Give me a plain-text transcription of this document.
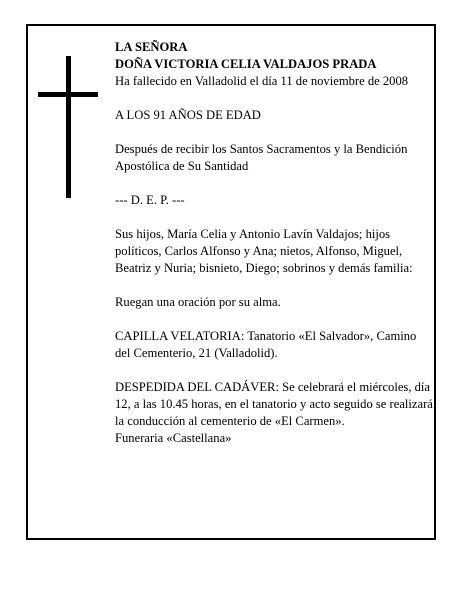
LA SEÑORA

DOÑA VICTORIA CELIA VALDAJOS PRADA

Ha fallecido en Valladolid el día 11 de noviembre de 2008

A LOS 91 AÑOS DE EDAD

Después de recibir los Santos Sacramentos y la Bendición Apostólica de Su Santidad

--- D. E. P. ---

Sus hijos, María Celia y Antonio Lavín Valdajos; hijos políticos, Carlos Alfonso y Ana; nietos, Alfonso, Miguel, Beatriz y Nuria; bisnieto, Diego; sobrinos y demás familia:

Ruegan una oración por su alma.

CAPILLA VELATORIA: Tanatorio «El Salvador», Camino del Cementerio, 21 (Valladolid).

DESPEDIDA DEL CADÁVER: Se celebrará el miércoles, día 12, a las 10.45 horas, en el tanatorio y acto seguido se realizará la conducción al cementerio de «El Carmen».

Funeraria «Castellana»
